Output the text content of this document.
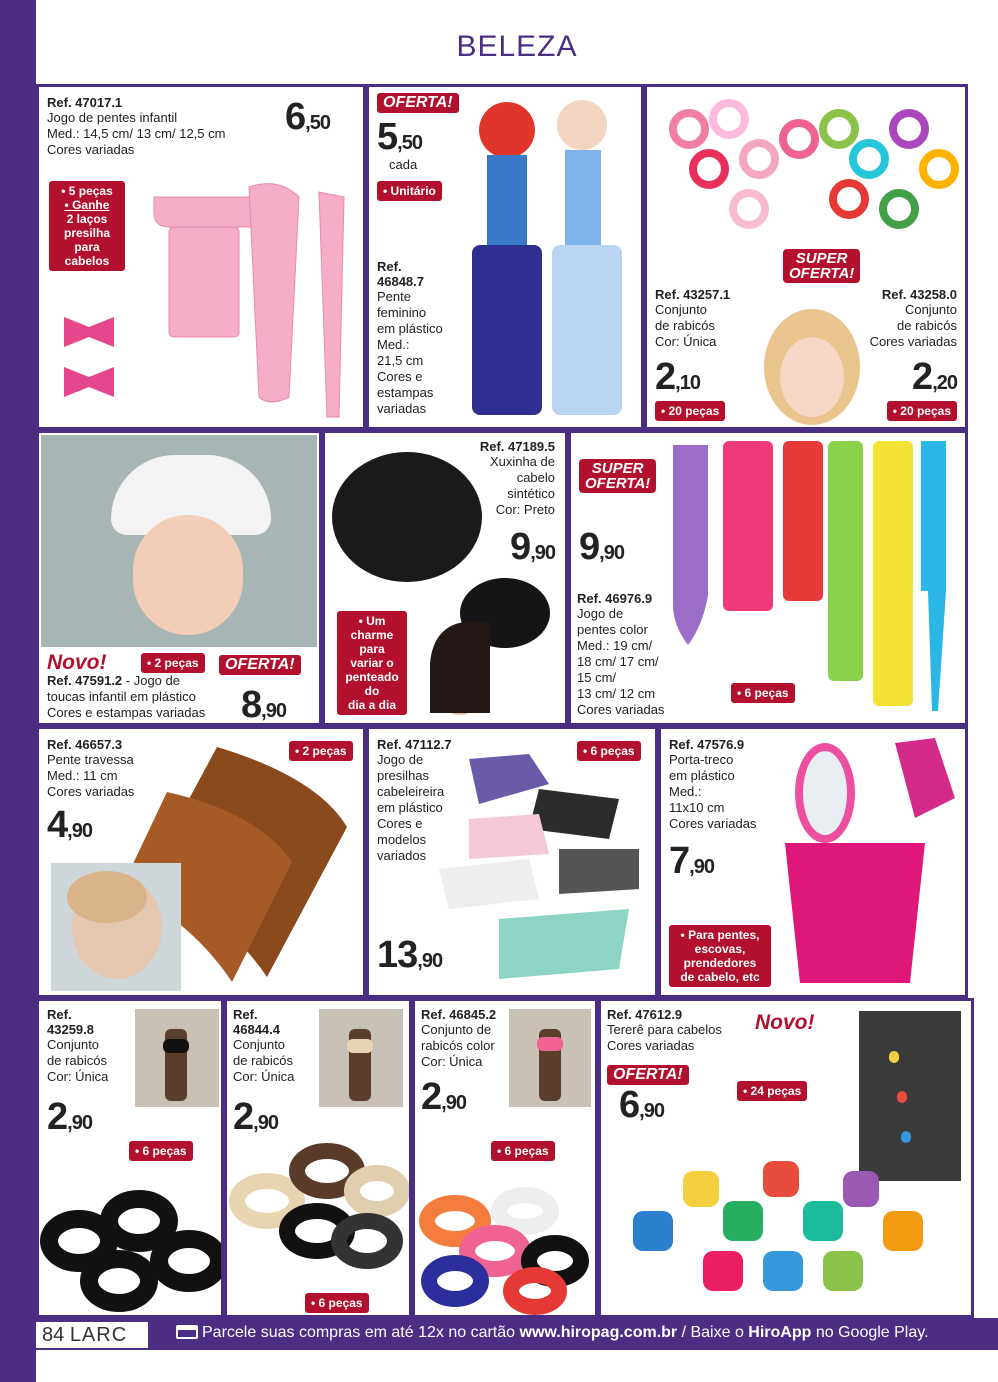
BELEZA
Ref. 47017.1
Jogo de pentes infantil
Med.: 14,5 cm/ 13 cm/ 12,5 cm
Cores variadas
6,50
• 5 peças
• Ganhe
2 laços
presilha
para
cabelos
OFERTA!
5,50
cada
• Unitário
Ref.
46848.7
Pente
feminino
em plástico
Med.:
21,5 cm
Cores e
estampas
variadas
SUPER
OFERTA!
Ref. 43257.1
Conjunto
de rabicós
Cor: Única
2,10
• 20 peças
Ref. 43258.0
Conjunto
de rabicós
Cores variadas
2,20
• 20 peças
Novo!	• 2 peças	OFERTA!
Ref. 47591.2 - Jogo de
toucas infantil em plástico
Cores e estampas variadas 8,90
Ref. 47189.5
Xuxinha de
cabelo
sintético
Cor: Preto
9,90
• Um
charme
para
variar o
penteado
do
dia a dia
SUPER
OFERTA!
9,90
Ref. 46976.9
Jogo de
pentes color
Med.: 19 cm/
18 cm/ 17 cm/
15 cm/
13 cm/ 12 cm
Cores variadas
• 6 peças
Ref. 46657.3
Pente travessa
Med.: 11 cm
Cores variadas
4,90
• 2 peças	Ref. 47112.7
Jogo de
presilhas
cabeleireira
em plástico
Cores e
modelos
variados
• 6 peças
13,90
Ref. 47576.9
Porta-treco
em plástico
Med.:
11x10 cm
Cores variadas
7,90
• Para pentes,
escovas,
prendedores
de cabelo, etc
Ref.
43259.8
Conjunto
de rabicós
Cor: Única
2,90
• 6 peças
Ref.
46844.4
Conjunto
de rabicós
Cor: Única
2,90
• 6 peças
Ref. 46845.2
Conjunto de
rabicós color
Cor: Única
2,90
• 6 peças
Ref. 47612.9
Tererê para cabelos
Cores variadas
Novo!
OFERTA!
6,90
• 24 peças
84 LARC	Parcele suas compras em até 12x no cartão www.hiropag.com.br / Baixe o HiroApp no Google Play.
